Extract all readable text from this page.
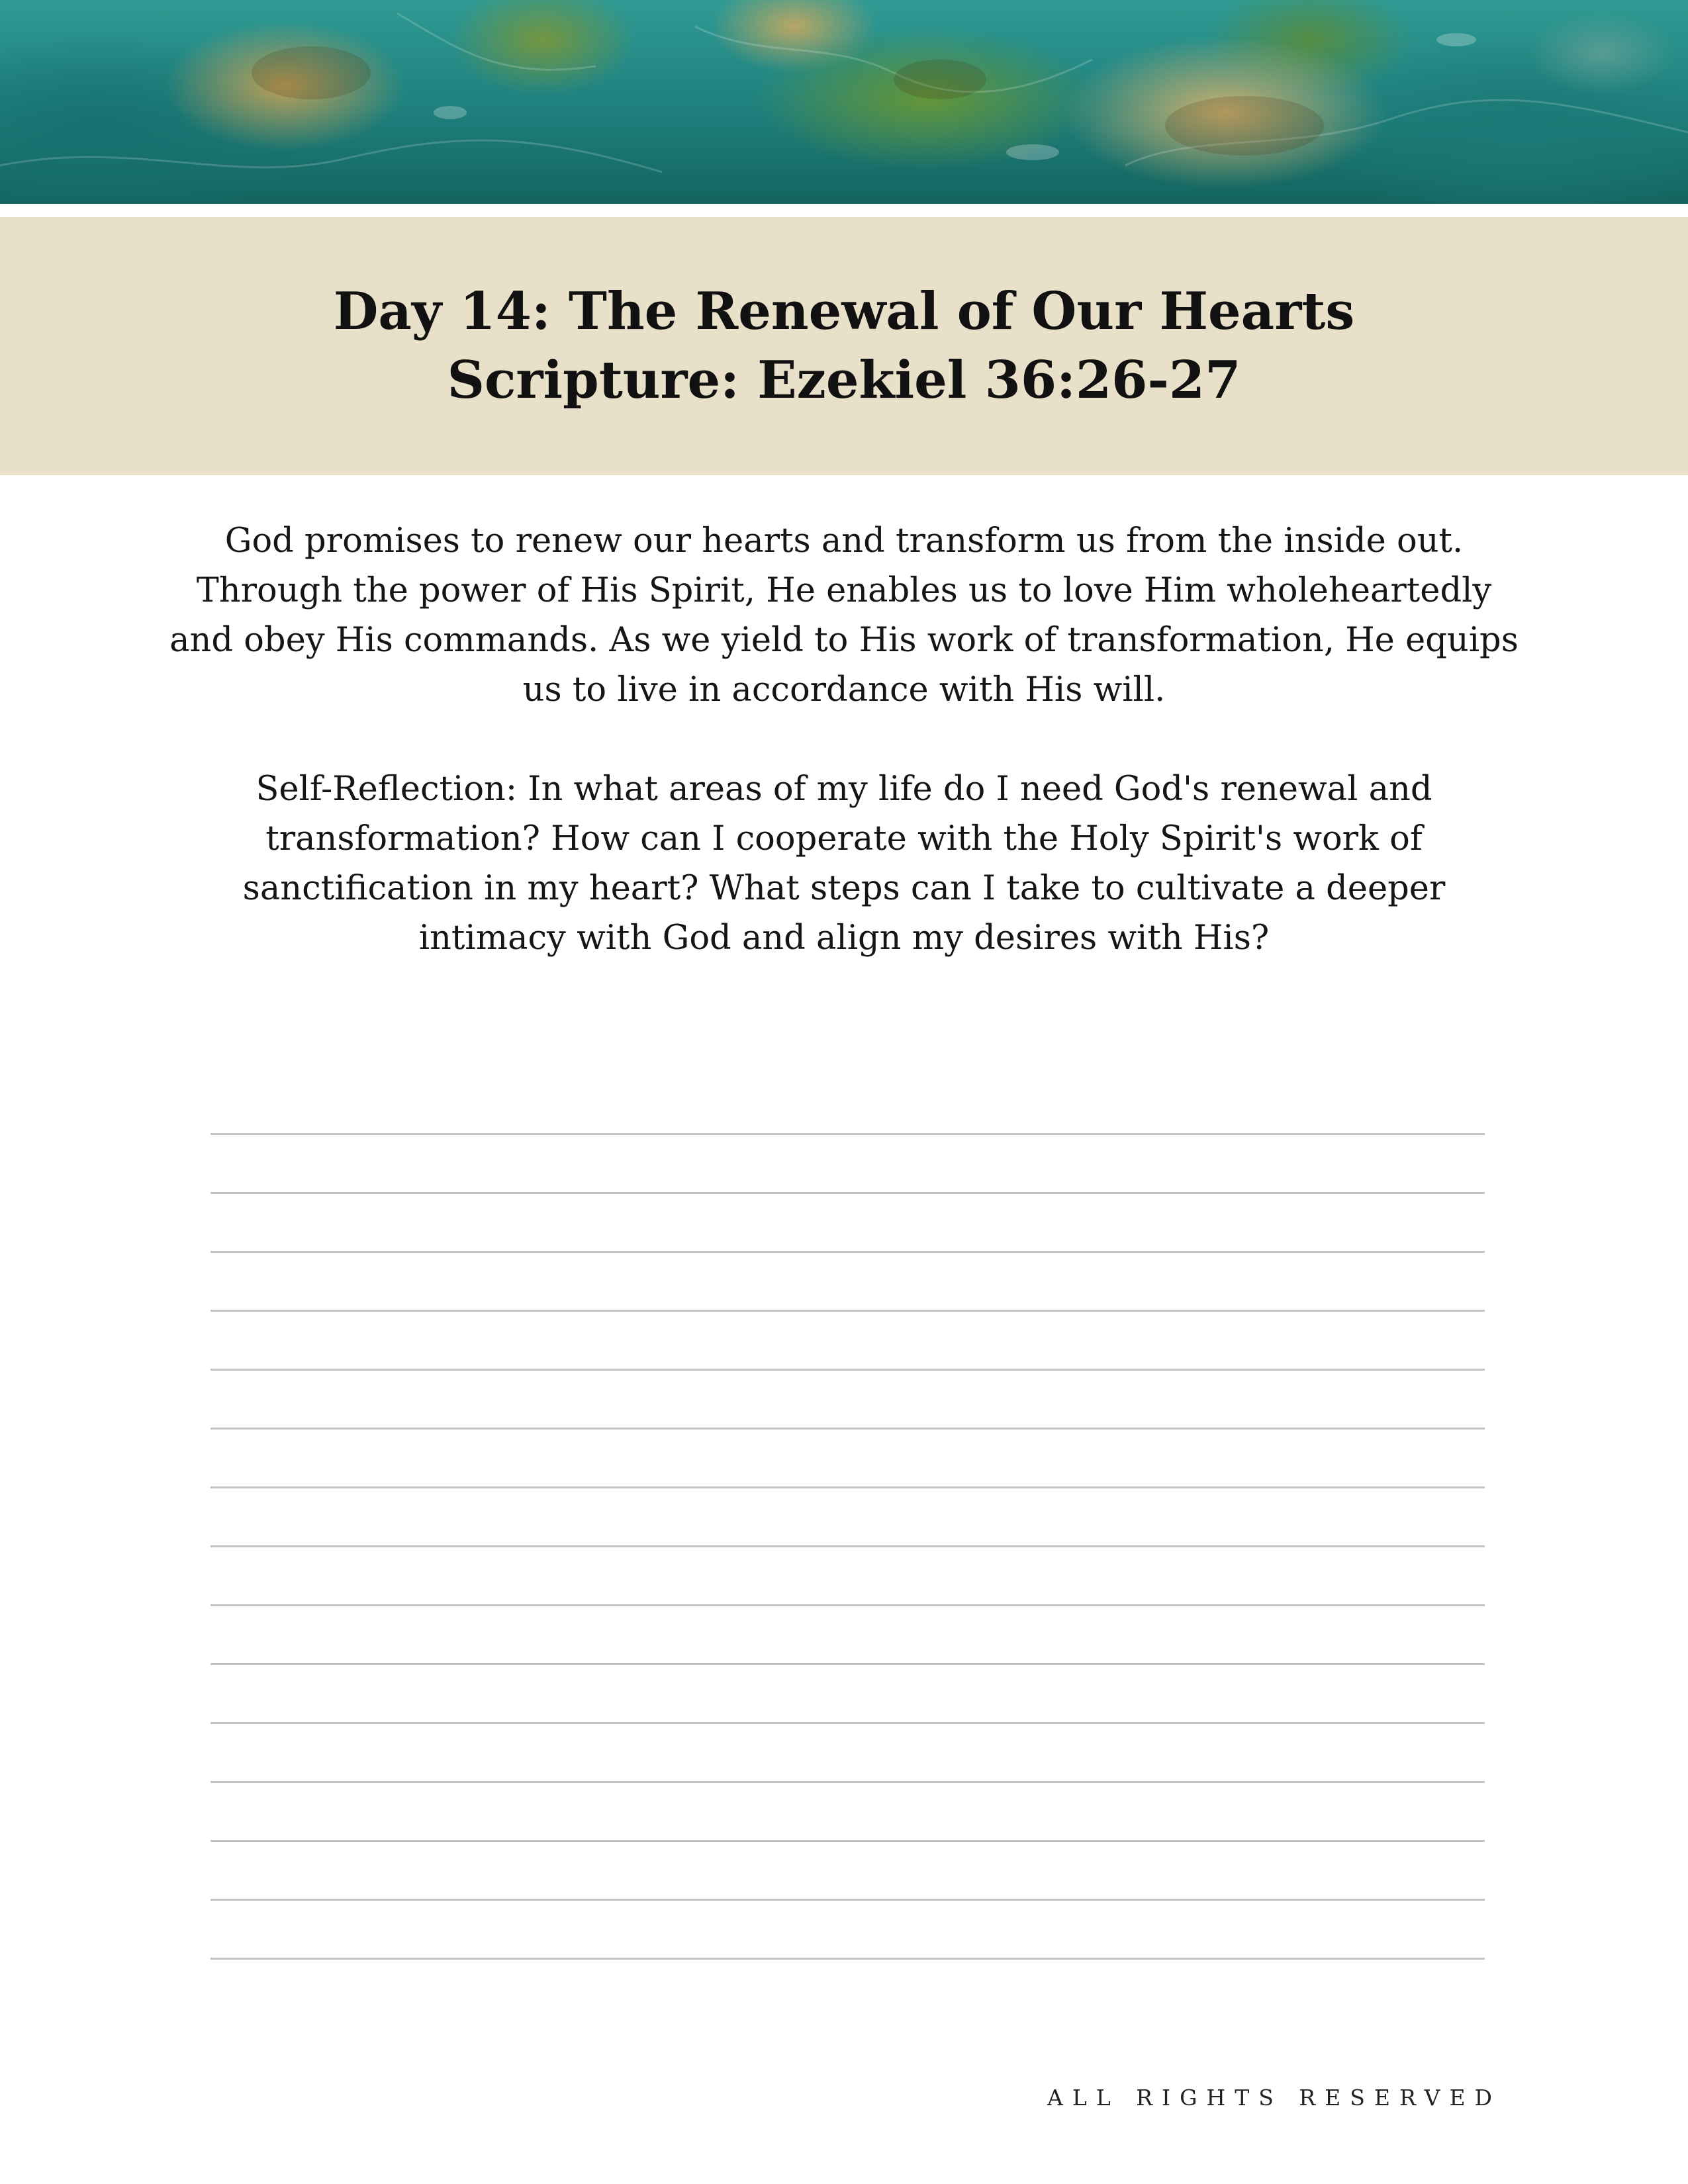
Day 14: The Renewal of Our Hearts
Scripture: Ezekiel 36:26-27

God promises to renew our hearts and transform us from the inside out. Through the power of His Spirit, He enables us to love Him wholeheartedly and obey His commands. As we yield to His work of transformation, He equips us to live in accordance with His will.

Self-Reflection: In what areas of my life do I need God's renewal and transformation? How can I cooperate with the Holy Spirit's work of sanctification in my heart? What steps can I take to cultivate a deeper intimacy with God and align my desires with His?

ALL RIGHTS RESERVED
